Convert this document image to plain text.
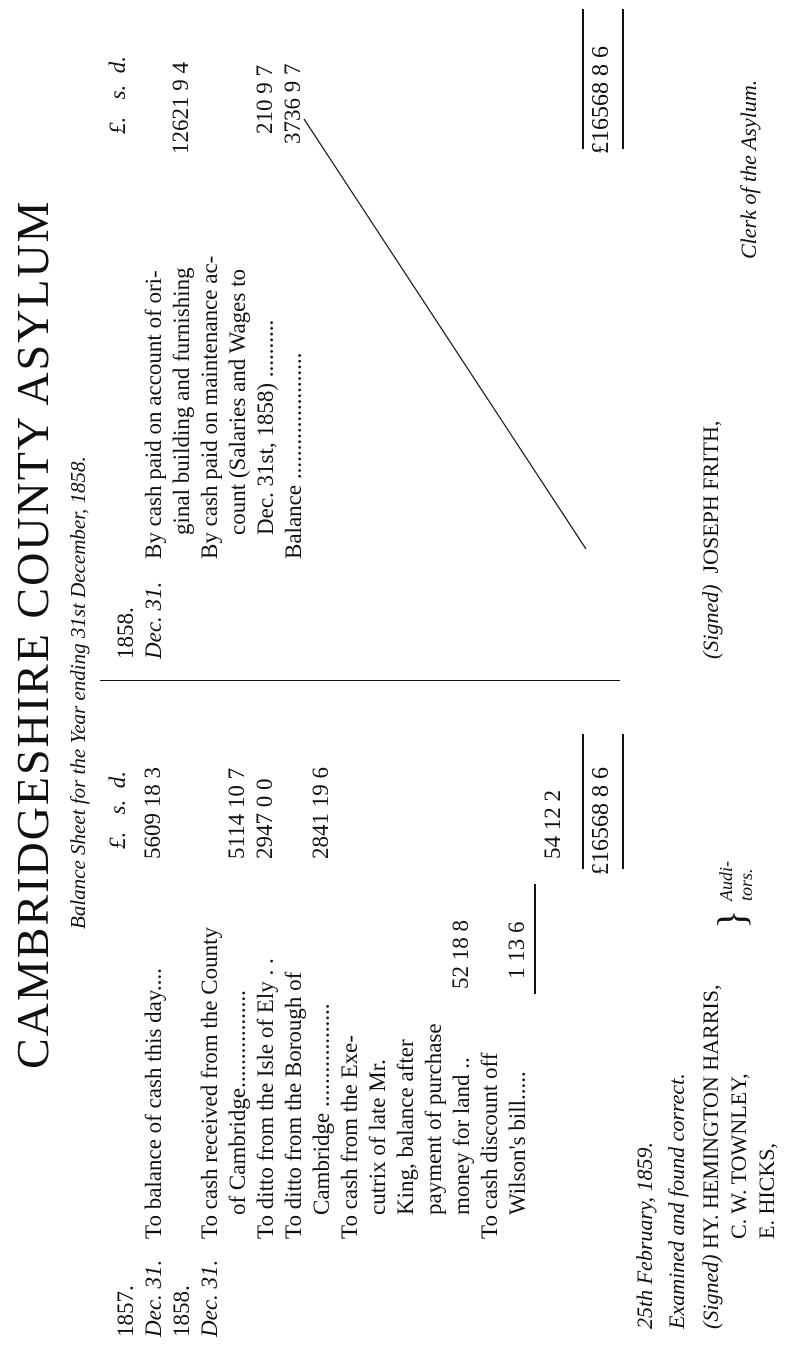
CAMBRIDGESHIRE COUNTY ASYLUM Balance Sheet for the Year ending 31st December, 1858. £.   s.  d.
1857. Dec. 31.
To balance of cash this day....
5609 18 3
1858. Dec. 31.
To cash received from the County of Cambridge.................
5114 10 7
To ditto from the Isle of Ely . .
2947 0 0
To ditto from the Borough of Cambridge ..................
2841 19 6
To cash from the Exe- cutrix of late Mr. King, balance after payment of purchase money for land ..
52 18 8
To cash discount off Wilson's bill.....
1 13 6
54 12 2 £16568 8 6
£.   s.  d.
1858. Dec. 31.
By cash paid on account of ori- ginal building and furnishing
12621 9 4
By cash paid on maintenance ac- count (Salaries and Wages to Dec. 31st, 1858) ..........
210 9 7
Balance ......................
3736 9 7	£16568 8 6
25th February, 1859. Examined and found correct. (Signed) HY. HEMINGTON HARRIS, C. W. TOWNLEY, E. HICKS,
}
Audi-tors.
(Signed)  JOSEPH FRITH,
Clerk of the Asylum.
